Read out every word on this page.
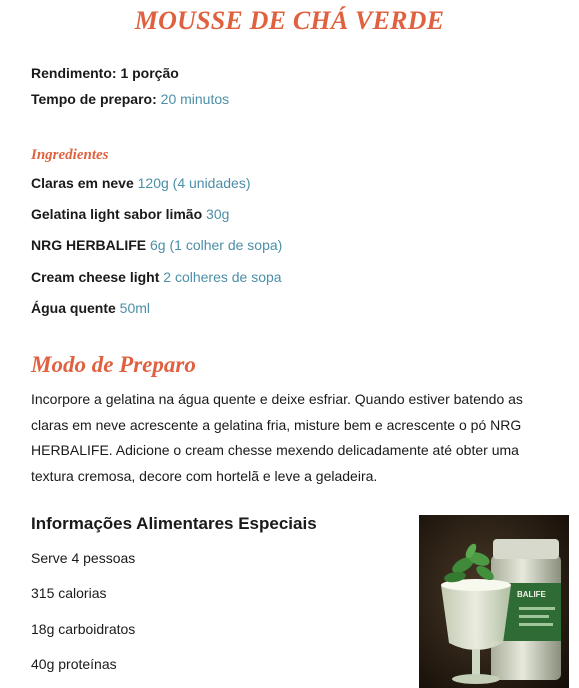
MOUSSE DE CHÁ VERDE
Rendimento: 1 porção
Tempo de preparo: 20 minutos
Ingredientes
Claras em neve 120g (4 unidades)
Gelatina light sabor limão 30g
NRG HERBALIFE 6g (1 colher de sopa)
Cream cheese light 2 colheres de sopa
Água quente 50ml
Modo de Preparo
Incorpore a gelatina na água quente e deixe esfriar. Quando estiver batendo as claras em neve acrescente a gelatina fria, misture bem e acrescente o pó NRG HERBALIFE. Adicione o cream chesse mexendo delicadamente até obter uma textura cremosa, decore com hortelã e leve a geladeira.
Informações Alimentares Especiais
Serve 4 pessoas
315 calorias
18g carboidratos
40g proteínas
BALIFE
